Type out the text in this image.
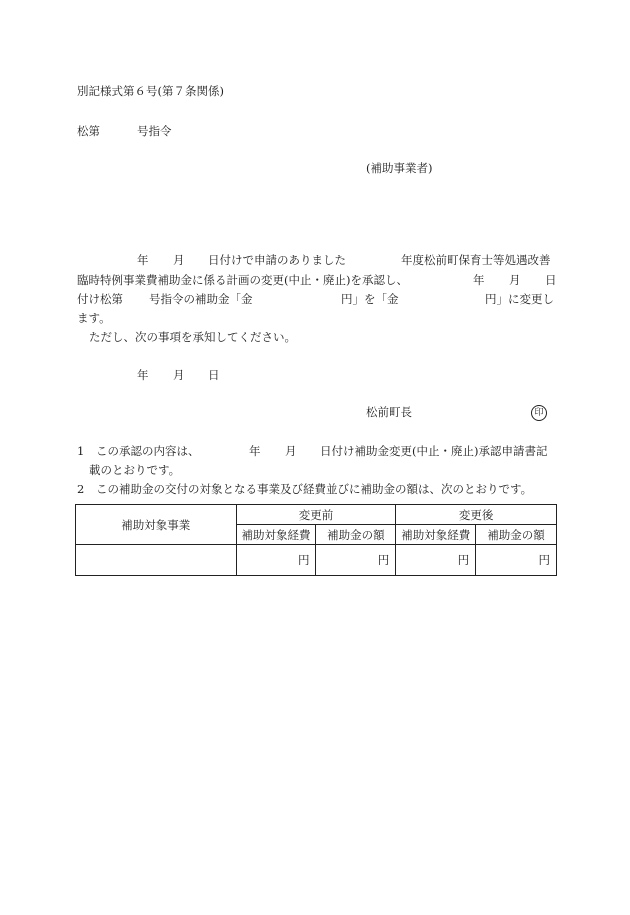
別記様式第６号(第７条関係)
松第	号指令
(補助事業者)
年 月 日付けで申請のありました	年度松前町保育士等処遇改善
臨時特例事業費補助金に係る計画の変更(中止・廃止)を承認し、	年 月 日
付け松第 号指令の補助金「金	円」を「金	円」に変更し
ます。
ただし、次の事項を承知してください。
年 月 日
松前町長	印
1 この承認の内容は、	年 月 日付け補助金変更(中止・廃止)承認申請書記
載のとおりです。
2 この補助金の交付の対象となる事業及び経費並びに補助金の額は、次のとおりです。
補助対象事業	変更前		変更後	
	補助対象経費	補助金の額	補助対象経費	補助金の額
	円	円	円	円
